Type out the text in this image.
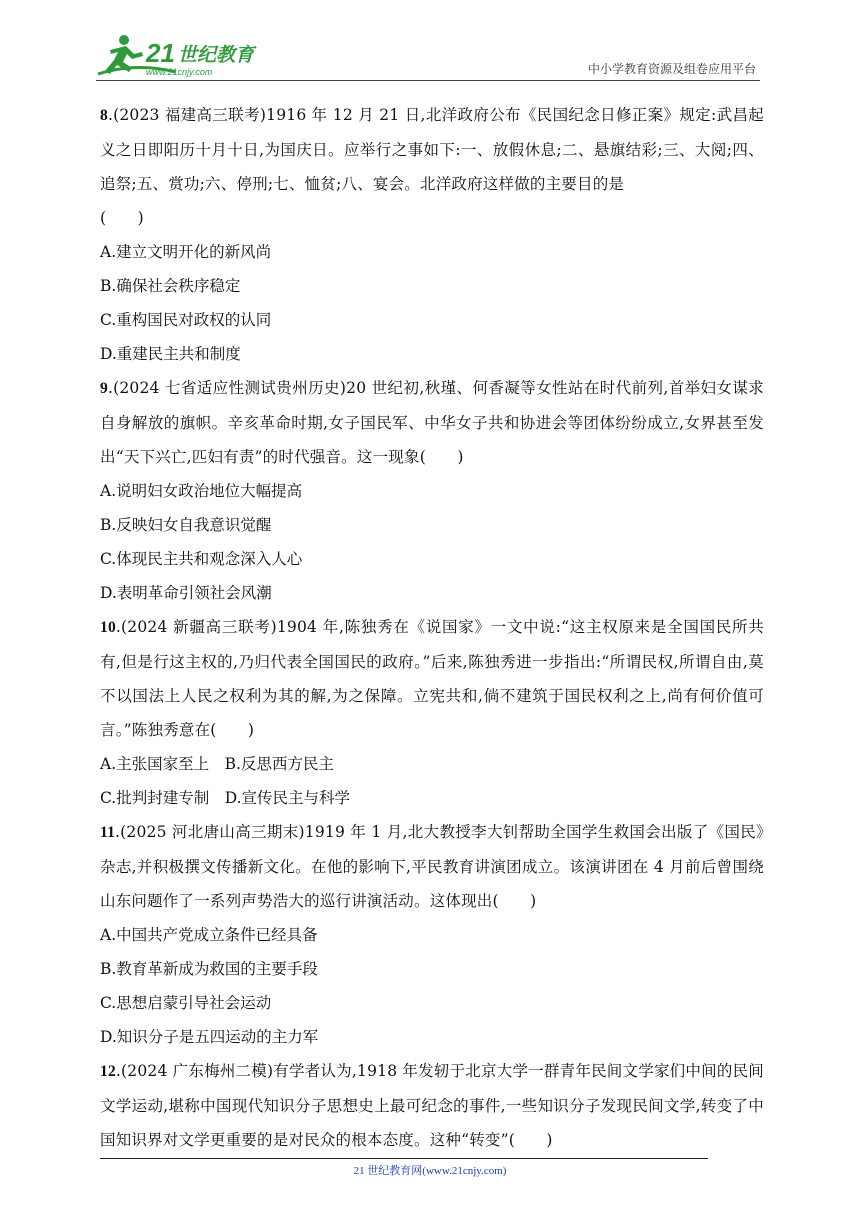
21 世纪教育
www.21cnjy.com	中小学教育资源及组卷应用平台
8.(2023 福建高三联考)1916 年 12 月 21 日,北洋政府公布《民国纪念日修正案》规定:武昌起义之日即阳历十月十日,为国庆日。应举行之事如下:一、放假休息;二、悬旗结彩;三、大阅;四、追祭;五、赏功;六、停刑;七、恤贫;八、宴会。北洋政府这样做的主要目的是
(　　)
A.建立文明开化的新风尚
B.确保社会秩序稳定
C.重构国民对政权的认同
D.重建民主共和制度
9.(2024 七省适应性测试贵州历史)20 世纪初,秋瑾、何香凝等女性站在时代前列,首举妇女谋求自身解放的旗帜。辛亥革命时期,女子国民军、中华女子共和协进会等团体纷纷成立,女界甚至发出“天下兴亡,匹妇有责”的时代强音。这一现象(　　)
A.说明妇女政治地位大幅提高
B.反映妇女自我意识觉醒
C.体现民主共和观念深入人心
D.表明革命引领社会风潮
10.(2024 新疆高三联考)1904 年,陈独秀在《说国家》一文中说:“这主权原来是全国国民所共有,但是行这主权的,乃归代表全国国民的政府。”后来,陈独秀进一步指出:“所谓民权,所谓自由,莫不以国法上人民之权利为其的解,为之保障。立宪共和,倘不建筑于国民权利之上,尚有何价值可言。”陈独秀意在(　　)
A.主张国家至上　B.反思西方民主
C.批判封建专制　D.宣传民主与科学
11.(2025 河北唐山高三期末)1919 年 1 月,北大教授李大钊帮助全国学生救国会出版了《国民》杂志,并积极撰文传播新文化。在他的影响下,平民教育讲演团成立。该演讲团在 4 月前后曾围绕山东问题作了一系列声势浩大的巡行讲演活动。这体现出(　　)
A.中国共产党成立条件已经具备
B.教育革新成为救国的主要手段
C.思想启蒙引导社会运动
D.知识分子是五四运动的主力军
12.(2024 广东梅州二模)有学者认为,1918 年发轫于北京大学一群青年民间文学家们中间的民间文学运动,堪称中国现代知识分子思想史上最可纪念的事件,一些知识分子发现民间文学,转变了中国知识界对文学更重要的是对民众的根本态度。这种“转变”(　　)
21 世纪教育网(www.21cnjy.com)
